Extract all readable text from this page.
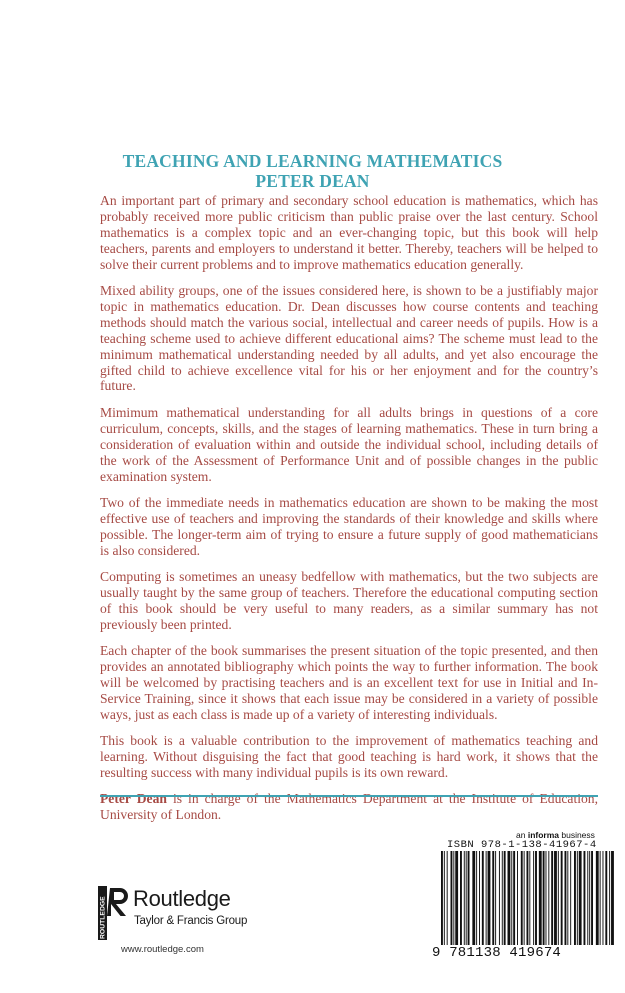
TEACHING AND LEARNING MATHEMATICS
PETER DEAN

An important part of primary and secondary school education is mathematics, which has probably received more public criticism than public praise over the last century. School mathematics is a complex topic and an ever-changing topic, but this book will help teachers, parents and employers to understand it better. Thereby, teachers will be helped to solve their current problems and to improve mathematics education generally.

Mixed ability groups, one of the issues considered here, is shown to be a justifiably major topic in mathematics education. Dr. Dean discusses how course contents and teaching methods should match the various social, intellectual and career needs of pupils. How is a teaching scheme used to achieve different educational aims? The scheme must lead to the minimum mathematical understanding needed by all adults, and yet also encourage the gifted child to achieve excellence vital for his or her enjoyment and for the country’s future.

Mimimum mathematical understanding for all adults brings in questions of a core curriculum, concepts, skills, and the stages of learning mathematics. These in turn bring a consideration of evaluation within and outside the individual school, including details of the work of the Assessment of Performance Unit and of possible changes in the public examination system.

Two of the immediate needs in mathematics education are shown to be making the most effective use of teachers and improving the standards of their knowledge and skills where possible. The longer-term aim of trying to ensure a future supply of good mathematicians is also considered.

Computing is sometimes an uneasy bedfellow with mathematics, but the two subjects are usually taught by the same group of teachers. Therefore the educational computing section of this book should be very useful to many readers, as a similar summary has not previously been printed.

Each chapter of the book summarises the present situation of the topic presented, and then provides an annotated bibliography which points the way to further information. The book will be welcomed by practising teachers and is an excellent text for use in Initial and In-Service Training, since it shows that each issue may be considered in a variety of possible ways, just as each class is made up of a variety of interesting individuals.

This book is a valuable contribution to the improvement of mathematics teaching and learning. Without disguising the fact that good teaching is hard work, it shows that the resulting success with many individual pupils is its own reward.

Peter Dean is in charge of the Mathematics Department at the Institute of Education, University of London.

ROUTLEDGE Routledge
Taylor & Francis Group
www.routledge.com
an informa business
ISBN 978-1-138-41967-4
9 781138 419674
